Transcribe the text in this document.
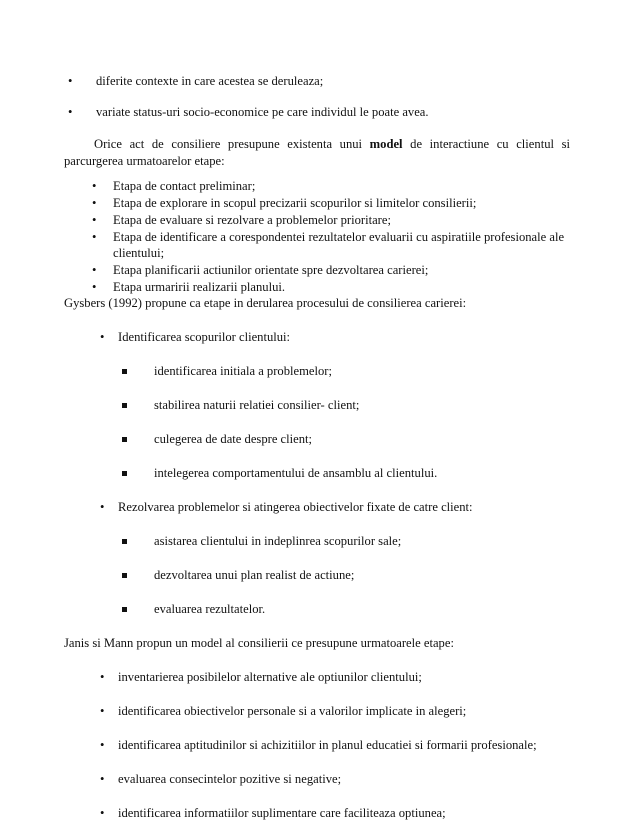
• diferite contexte in care acestea se deruleaza;
• variate status-uri socio-economice pe care individul le poate avea.
Orice act de consiliere presupune existenta unui model de interactiune cu clientul si parcurgerea urmatoarelor etape:
• Etapa de contact preliminar;
• Etapa de explorare in scopul precizarii scopurilor si limitelor consilierii;
• Etapa de evaluare si rezolvare a problemelor prioritare;
• Etapa de identificare a corespondentei rezultatelor evaluarii cu aspiratiile profesionale ale
clientului;
• Etapa planificarii actiunilor orientate spre dezvoltarea carierei;
• Etapa urmaririi realizarii planului.
Gysbers (1992) propune ca etape in derularea procesului de consilierea carierei:
• Identificarea scopurilor clientului:
identificarea initiala a problemelor;
stabilirea naturii relatiei consilier- client;
culegerea de date despre client;
intelegerea comportamentului de ansamblu al clientului.
• Rezolvarea problemelor si atingerea obiectivelor fixate de catre client:
asistarea clientului in indeplinrea scopurilor sale;
dezvoltarea unui plan realist de actiune;
evaluarea rezultatelor.
Janis si Mann propun un model al consilierii ce presupune urmatoarele etape:
• inventarierea posibilelor alternative ale optiunilor clientului;
• identificarea obiectivelor personale si a valorilor implicate in alegeri;
• identificarea aptitudinilor si achizitiilor in planul educatiei si formarii profesionale;
• evaluarea consecintelor pozitive si negative;
• identificarea informatiilor suplimentare care faciliteaza optiunea;
